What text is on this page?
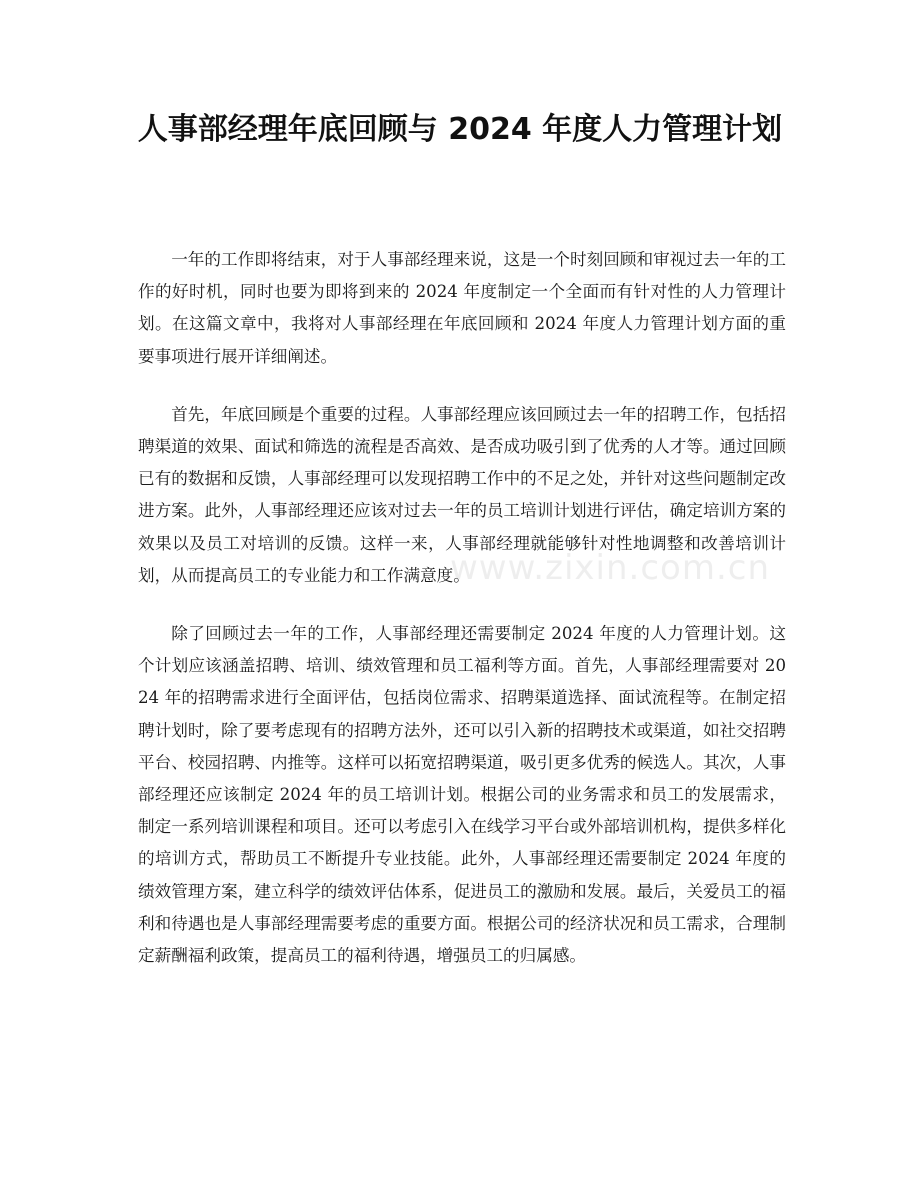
人事部经理年底回顾与 2024 年度人力管理计划

一年的工作即将结束，对于人事部经理来说，这是一个时刻回顾和审视过去一年的工作的好时机，同时也要为即将到来的 2024 年度制定一个全面而有针对性的人力管理计划。在这篇文章中，我将对人事部经理在年底回顾和 2024 年度人力管理计划方面的重要事项进行展开详细阐述。

首先，年底回顾是个重要的过程。人事部经理应该回顾过去一年的招聘工作，包括招聘渠道的效果、面试和筛选的流程是否高效、是否成功吸引到了优秀的人才等。通过回顾已有的数据和反馈，人事部经理可以发现招聘工作中的不足之处，并针对这些问题制定改进方案。此外，人事部经理还应该对过去一年的员工培训计划进行评估，确定培训方案的效果以及员工对培训的反馈。这样一来，人事部经理就能够针对性地调整和改善培训计划，从而提高员工的专业能力和工作满意度。

除了回顾过去一年的工作，人事部经理还需要制定 2024 年度的人力管理计划。这个计划应该涵盖招聘、培训、绩效管理和员工福利等方面。首先，人事部经理需要对 2024 年的招聘需求进行全面评估，包括岗位需求、招聘渠道选择、面试流程等。在制定招聘计划时，除了要考虑现有的招聘方法外，还可以引入新的招聘技术或渠道，如社交招聘平台、校园招聘、内推等。这样可以拓宽招聘渠道，吸引更多优秀的候选人。其次，人事部经理还应该制定 2024 年的员工培训计划。根据公司的业务需求和员工的发展需求，制定一系列培训课程和项目。还可以考虑引入在线学习平台或外部培训机构，提供多样化的培训方式，帮助员工不断提升专业技能。此外，人事部经理还需要制定 2024 年度的绩效管理方案，建立科学的绩效评估体系，促进员工的激励和发展。最后，关爱员工的福利和待遇也是人事部经理需要考虑的重要方面。根据公司的经济状况和员工需求，合理制定薪酬福利政策，提高员工的福利待遇，增强员工的归属感。

www.zixin.com.cn
